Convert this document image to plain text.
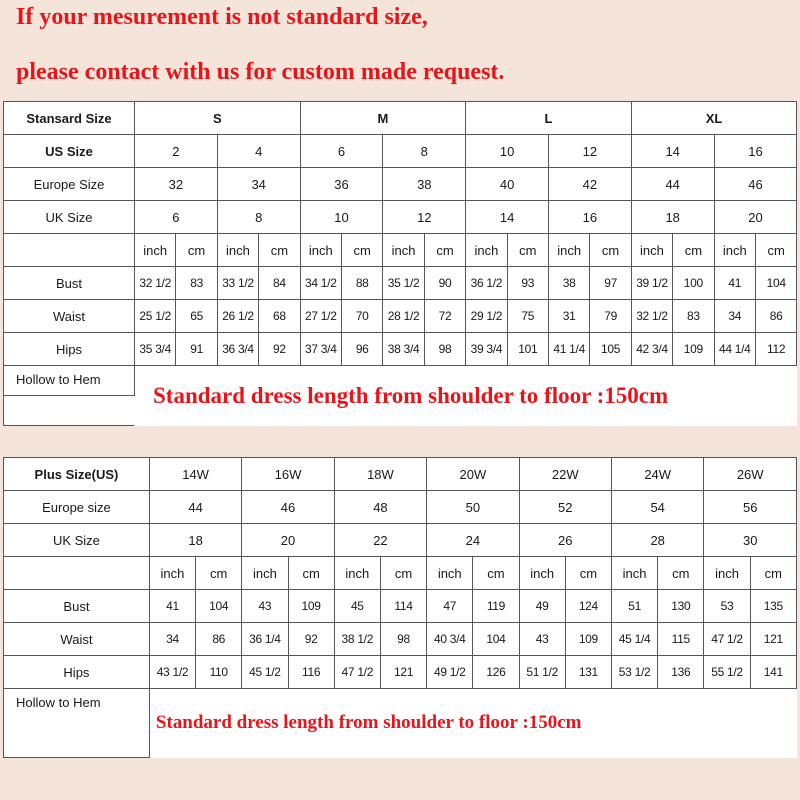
If your mesurement is not standard size,
please contact with us for custom made request.
Stansard Size	S				M				L				XL			
US Size	2		4		6		8		10		12		14		16	
Europe Size	32		34		36		38		40		42		44		46	
UK Size	6		8		10		12		14		16		18		20	
	inch	cm	inch	cm	inch	cm	inch	cm	inch	cm	inch	cm	inch	cm	inch	cm
Bust	32 1/2	83	33 1/2	84	34 1/2	88	35 1/2	90	36 1/2	93	38	97	39 1/2	100	41	104
Waist	25 1/2	65	26 1/2	68	27 1/2	70	28 1/2	72	29 1/2	75	31	79	32 1/2	83	34	86
Hips	35 3/4	91	36 3/4	92	37 3/4	96	38 3/4	98	39 3/4	101	41 1/4	105	42 3/4	109	44 1/4	112
Hollow to Hem	Standard dress length from shoulder to floor :150cm															

Plus Size(US)	14W		16W		18W		20W		22W		24W		26W	
Europe size	44		46		48		50		52		54		56	
UK Size	18		20		22		24		26		28		30	
	inch	cm	inch	cm	inch	cm	inch	cm	inch	cm	inch	cm	inch	cm
Bust	41	104	43	109	45	114	47	119	49	124	51	130	53	135
Waist	34	86	36 1/4	92	38 1/2	98	40 3/4	104	43	109	45 1/4	115	47 1/2	121
Hips	43 1/2	110	45 1/2	116	47 1/2	121	49 1/2	126	51 1/2	131	53 1/2	136	55 1/2	141
Hollow to Hem	Standard dress length from shoulder to floor :150cm													
